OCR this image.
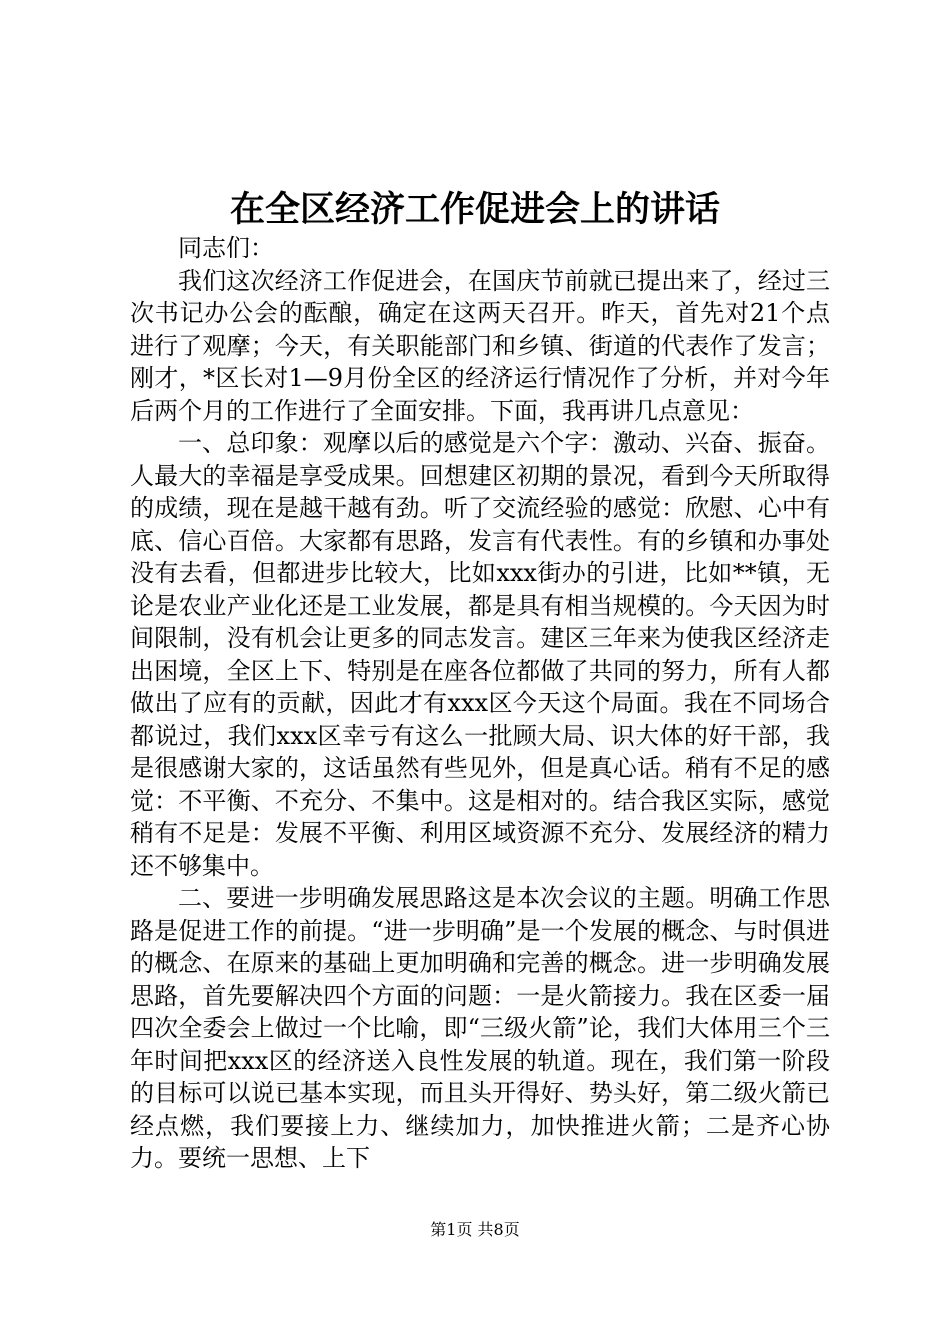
在全区经济工作促进会上的讲话

同志们：

我们这次经济工作促进会，在国庆节前就已提出来了，经过三次书记办公会的酝酿，确定在这两天召开。昨天，首先对21个点进行了观摩；今天，有关职能部门和乡镇、街道的代表作了发言；刚才，*区长对1—9月份全区的经济运行情况作了分析，并对今年后两个月的工作进行了全面安排。下面，我再讲几点意见：

一、总印象：观摩以后的感觉是六个字：激动、兴奋、振奋。人最大的幸福是享受成果。回想建区初期的景况，看到今天所取得的成绩，现在是越干越有劲。听了交流经验的感觉：欣慰、心中有底、信心百倍。大家都有思路，发言有代表性。有的乡镇和办事处没有去看，但都进步比较大，比如xxx街办的引进，比如**镇，无论是农业产业化还是工业发展，都是具有相当规模的。今天因为时间限制，没有机会让更多的同志发言。建区三年来为使我区经济走出困境，全区上下、特别是在座各位都做了共同的努力，所有人都做出了应有的贡献，因此才有xxx区今天这个局面。我在不同场合都说过，我们xxx区幸亏有这么一批顾大局、识大体的好干部，我是很感谢大家的，这话虽然有些见外，但是真心话。稍有不足的感觉：不平衡、不充分、不集中。这是相对的。结合我区实际，感觉稍有不足是：发展不平衡、利用区域资源不充分、发展经济的精力还不够集中。

二、要进一步明确发展思路这是本次会议的主题。明确工作思路是促进工作的前提。“进一步明确”是一个发展的概念、与时俱进的概念、在原来的基础上更加明确和完善的概念。进一步明确发展思路，首先要解决四个方面的问题：一是火箭接力。我在区委一届四次全委会上做过一个比喻，即“三级火箭”论，我们大体用三个三年时间把xxx区的经济送入良性发展的轨道。现在，我们第一阶段的目标可以说已基本实现，而且头开得好、势头好，第二级火箭已经点燃，我们要接上力、继续加力，加快推进火箭；二是齐心协力。要统一思想、上下

第1页 共8页
